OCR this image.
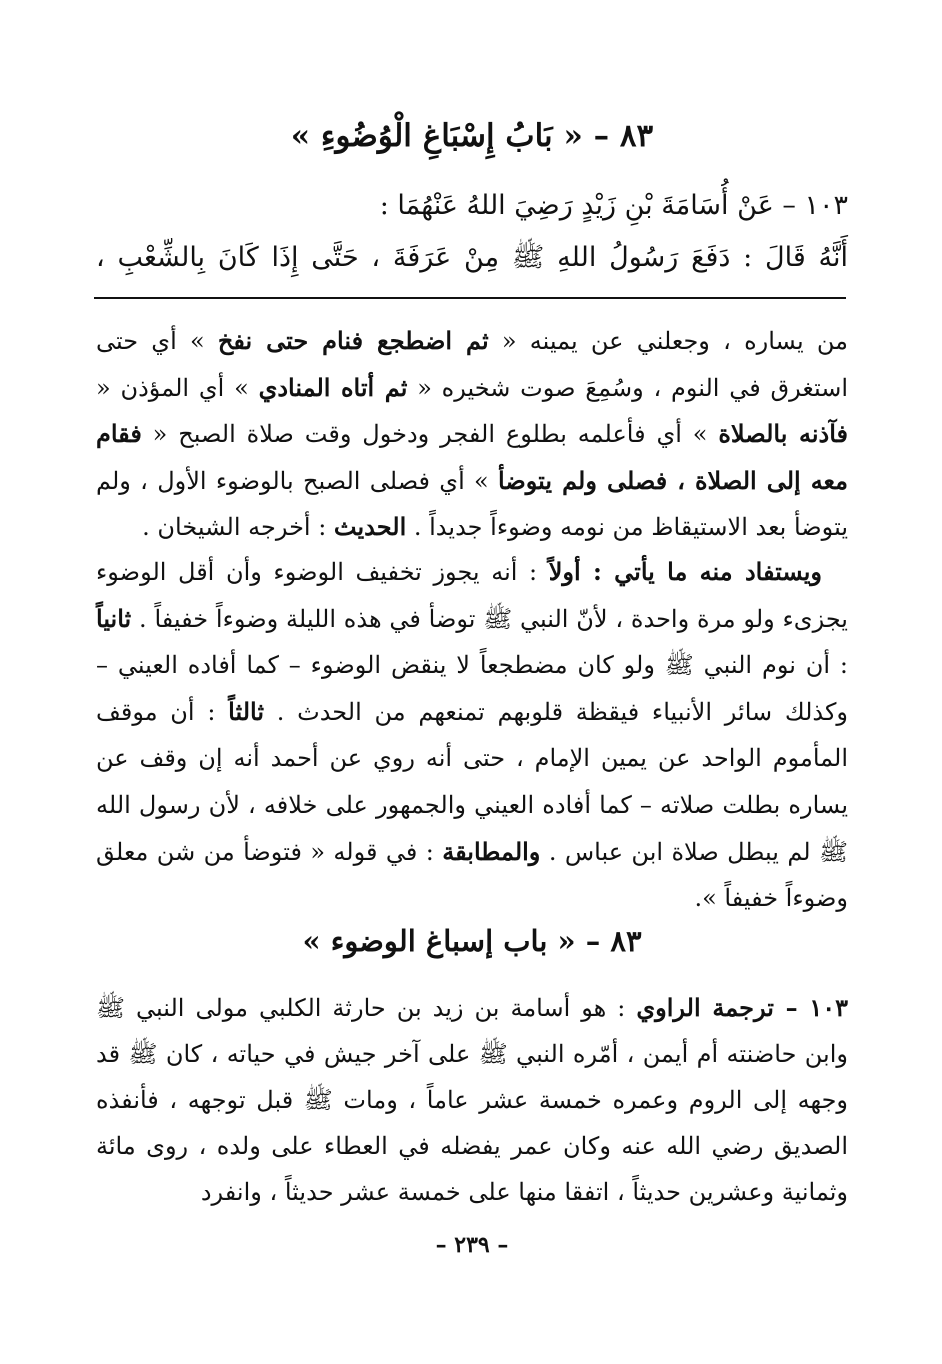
٨٣ – « بَابُ إِسْبَاغِ الْوُضُوءِ »
١٠٣ – عَنْ أُسَامَةَ بْنِ زَيْدٍ رَضِيَ اللهُ عَنْهُمَا :
أَنَّهُ قَالَ : دَفَعَ رَسُولُ اللهِ ﷺ مِنْ عَرَفَةَ ، حَتَّى إِذَا كَانَ بِالشِّعْبِ ،
من يساره ، وجعلني عن يمينه « ثم اضطجع فنام حتى نفخ » أي حتى استغرق في النوم ، وسُمِعَ صوت شخيره « ثم أتاه المنادي » أي المؤذن « فآذنه بالصلاة » أي فأعلمه بطلوع الفجر ودخول وقت صلاة الصبح « فقام معه إلى الصلاة ، فصلى ولم يتوضأ » أي فصلى الصبح بالوضوء الأول ، ولم يتوضأ بعد الاستيقاظ من نومه وضوءاً جديداً . الحديث : أخرجه الشيخان .
ويستفاد منه ما يأتي : أولاً : أنه يجوز تخفيف الوضوء وأن أقل الوضوء يجزىء ولو مرة واحدة ، لأنّ النبي ﷺ توضأ في هذه الليلة وضوءاً خفيفاً . ثانياً : أن نوم النبي ﷺ ولو كان مضطجعاً لا ينقض الوضوء – كما أفاده العيني – وكذلك سائر الأنبياء فيقظة قلوبهم تمنعهم من الحدث . ثالثاً : أن موقف المأموم الواحد عن يمين الإمام ، حتى أنه روي عن أحمد أنه إن وقف عن يساره بطلت صلاته – كما أفاده العيني والجمهور على خلافه ، لأن رسول الله ﷺ لم يبطل صلاة ابن عباس . والمطابقة : في قوله « فتوضأ من شن معلق وضوءاً خفيفاً ».
٨٣ – « باب إسباغ الوضوء »
١٠٣ – ترجمة الراوي : هو أسامة بن زيد بن حارثة الكلبي مولى النبي ﷺ وابن حاضنته أم أيمن ، أمّره النبي ﷺ على آخر جيش في حياته ، كان ﷺ قد وجهه إلى الروم وعمره خمسة عشر عاماً ، ومات ﷺ قبل توجهه ، فأنفذه الصديق رضي الله عنه وكان عمر يفضله في العطاء على ولده ، روى مائة وثمانية وعشرين حديثاً ، اتفقا منها على خمسة عشر حديثاً ، وانفرد
– ٢٣٩ –
